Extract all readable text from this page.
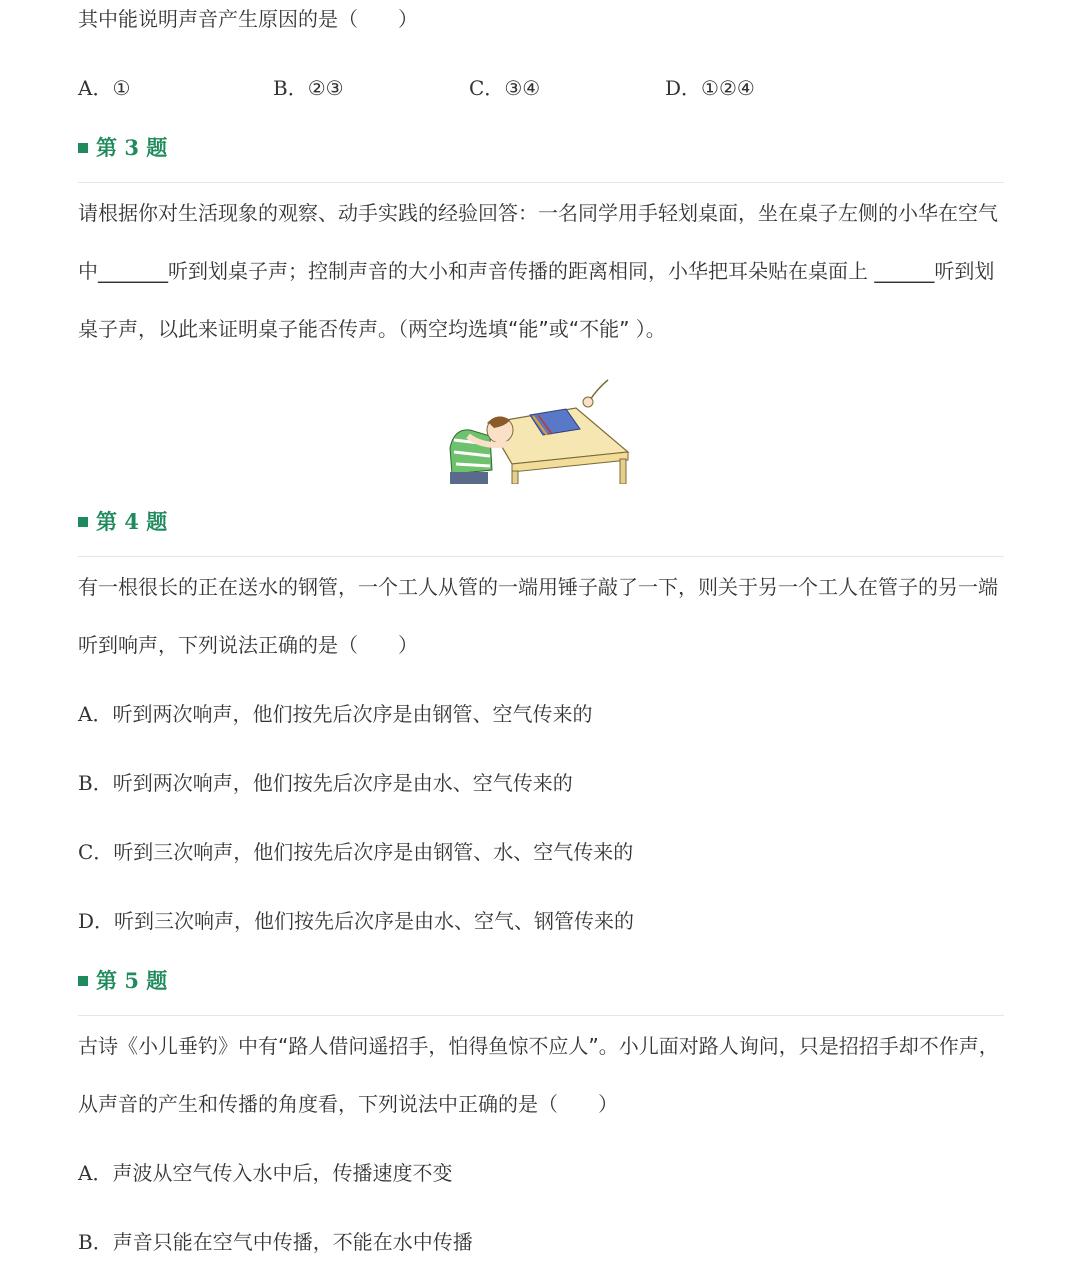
其中能说明声音产生原因的是（　　）
A．①	B．②③	C．③④	D．①②④
第 3 题
请根据你对生活现象的观察、动手实践的经验回答：一名同学用手轻划桌面，坐在桌子左侧的小华在空气
中_______听到划桌子声；控制声音的大小和声音传播的距离相同，小华把耳朵贴在桌面上 ______听到划
桌子声，以此来证明桌子能否传声。（两空均选填“能”或“不能” ）。
第 4 题
有一根很长的正在送水的钢管，一个工人从管的一端用锤子敲了一下，则关于另一个工人在管子的另一端
听到响声，下列说法正确的是（　　）
A．听到两次响声，他们按先后次序是由钢管、空气传来的
B．听到两次响声，他们按先后次序是由水、空气传来的
C．听到三次响声，他们按先后次序是由钢管、水、空气传来的
D．听到三次响声，他们按先后次序是由水、空气、钢管传来的
第 5 题
古诗《小儿垂钓》中有“路人借问遥招手，怕得鱼惊不应人”。小儿面对路人询问，只是招招手却不作声，
从声音的产生和传播的角度看，下列说法中正确的是（　　）
A．声波从空气传入水中后，传播速度不变
B．声音只能在空气中传播，不能在水中传播
